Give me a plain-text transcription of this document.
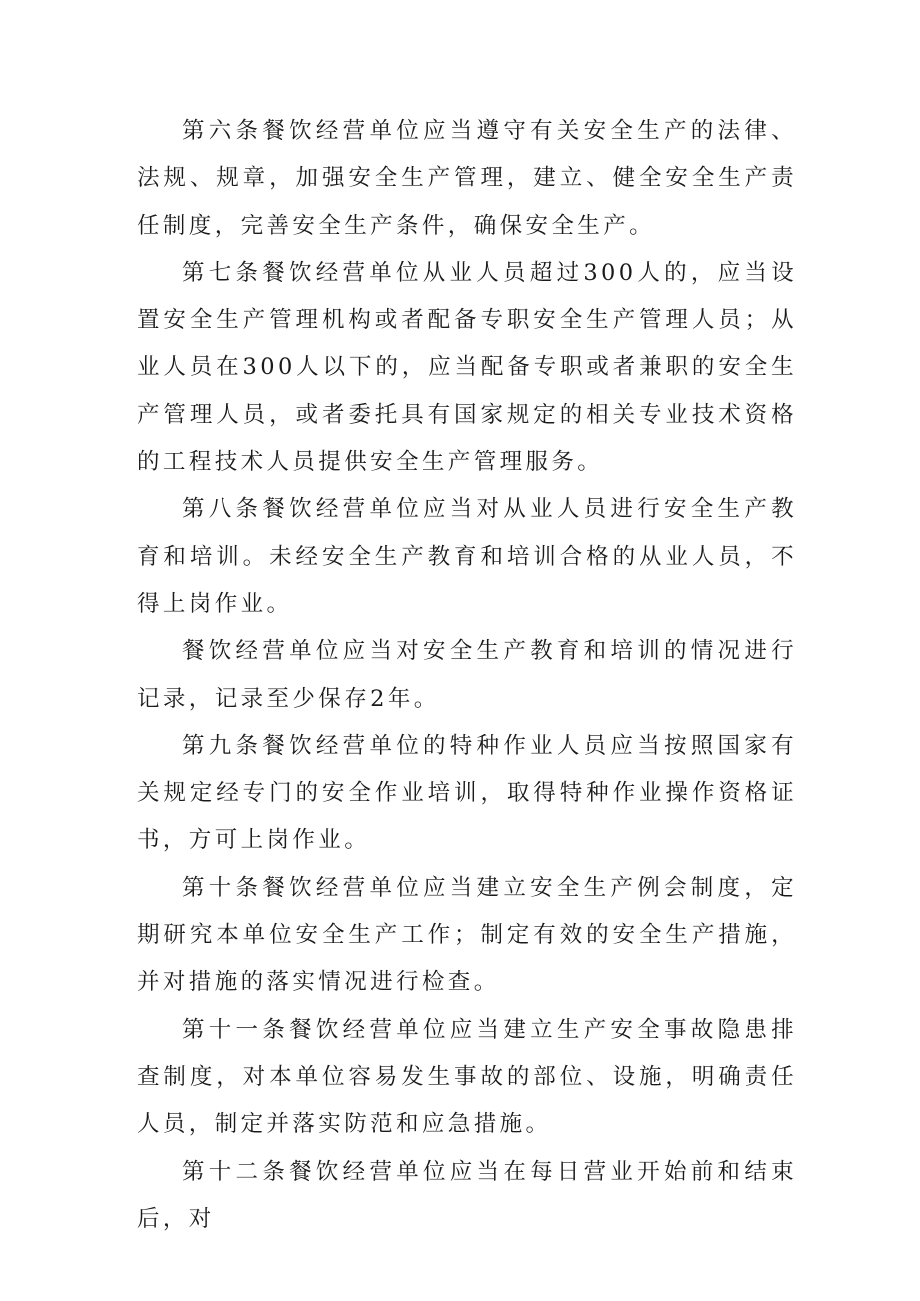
第六条餐饮经营单位应当遵守有关安全生产的法律、法规、规章，加强安全生产管理，建立、健全安全生产责任制度，完善安全生产条件，确保安全生产。

第七条餐饮经营单位从业人员超过300人的，应当设置安全生产管理机构或者配备专职安全生产管理人员；从业人员在300人以下的，应当配备专职或者兼职的安全生产管理人员，或者委托具有国家规定的相关专业技术资格的工程技术人员提供安全生产管理服务。

第八条餐饮经营单位应当对从业人员进行安全生产教育和培训。未经安全生产教育和培训合格的从业人员，不得上岗作业。

餐饮经营单位应当对安全生产教育和培训的情况进行记录，记录至少保存2年。

第九条餐饮经营单位的特种作业人员应当按照国家有关规定经专门的安全作业培训，取得特种作业操作资格证书，方可上岗作业。

第十条餐饮经营单位应当建立安全生产例会制度，定期研究本单位安全生产工作；制定有效的安全生产措施，并对措施的落实情况进行检查。

第十一条餐饮经营单位应当建立生产安全事故隐患排查制度，对本单位容易发生事故的部位、设施，明确责任人员，制定并落实防范和应急措施。

第十二条餐饮经营单位应当在每日营业开始前和结束后，对
